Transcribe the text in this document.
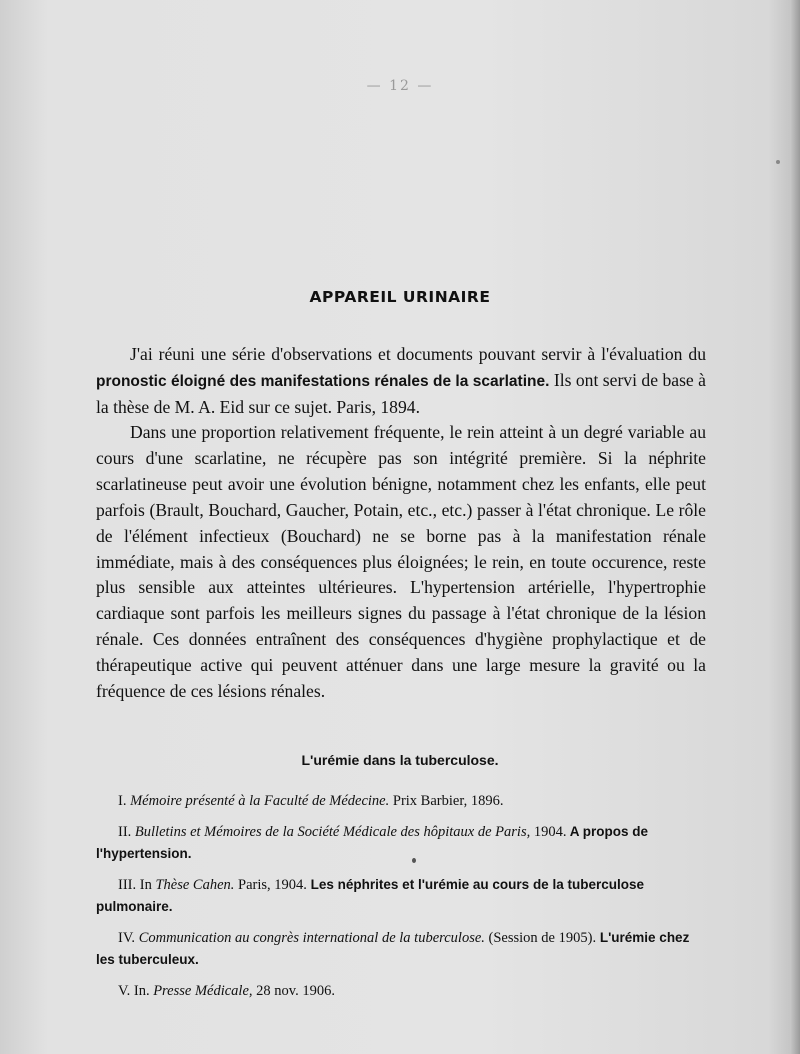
— 12 —
APPAREIL URINAIRE

J'ai réuni une série d'observations et documents pouvant servir à l'évaluation du pronostic éloigné des manifestations rénales de la scarlatine. Ils ont servi de base à la thèse de M. A. Eid sur ce sujet. Paris, 1894.

Dans une proportion relativement fréquente, le rein atteint à un degré variable au cours d'une scarlatine, ne récupère pas son intégrité première. Si la néphrite scarlatineuse peut avoir une évolution bénigne, notamment chez les enfants, elle peut parfois (Brault, Bouchard, Gaucher, Potain, etc., etc.) passer à l'état chronique. Le rôle de l'élément infectieux (Bouchard) ne se borne pas à la manifestation rénale immédiate, mais à des conséquences plus éloignées; le rein, en toute occurence, reste plus sensible aux atteintes ultérieures. L'hypertension artérielle, l'hypertrophie cardiaque sont parfois les meilleurs signes du passage à l'état chronique de la lésion rénale. Ces données entraînent des conséquences d'hygiène prophylactique et de thérapeutique active qui peuvent atténuer dans une large mesure la gravité ou la fréquence de ces lésions rénales.

L'urémie dans la tuberculose.

I. Mémoire présenté à la Faculté de Médecine. Prix Barbier, 1896.

II. Bulletins et Mémoires de la Société Médicale des hôpitaux de Paris, 1904. A propos de l'hypertension.

III. In Thèse Cahen. Paris, 1904. Les néphrites et l'urémie au cours de la tuberculose pulmonaire.

IV. Communication au congrès international de la tuberculose. (Session de 1905). L'urémie chez les tuberculeux.

V. In. Presse Médicale, 28 nov. 1906.
